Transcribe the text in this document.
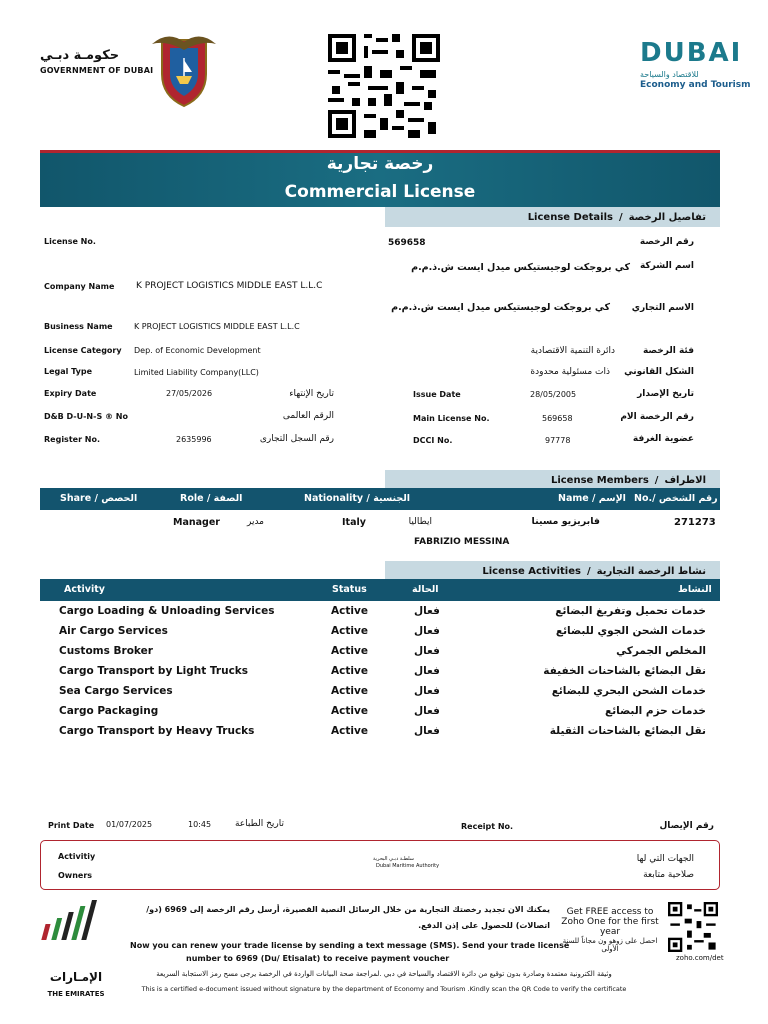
حكومـة دبـي
GOVERNMENT OF DUBAI
DUBAI
للاقتصاد والسياحة
Economy and Tourism
رخصة تجارية
Commercial License
License Details / تفاصيل الرخصة
License No.	569658	رقم الرخصة
كي بروجكت لوجيستيكس ميدل ايست ش.ذ.م.م	اسم الشركة
Company Name K PROJECT LOGISTICS MIDDLE EAST L.L.C
كي بروجكت لوجيستيكس ميدل ايست ش.ذ.م.م	الاسم التجاري
Business Name	K PROJECT LOGISTICS MIDDLE EAST L.L.C
License Category Dep. of Economic Development	دائرة التنمية الاقتصادية	فئة الرخصة
Legal Type	Limited Liability Company(LLC)	ذات مسئولية محدودة	الشكل القانوني
Expiry Date	27/05/2026	تاريخ الإنتهاء	Issue Date	28/05/2005	تاريخ الإصدار
D&B D-U-N-S ® No	الرقم العالمى	Main License No.	569658	رقم الرخصة الام
Register No.	2635996	رقم السجل التجارى	DCCI No.	97778	عضوية الغرفة
License Members / الاطراف
Share / الحصص	Role / الصفة	Nationality / الجنسية	Name / الإسم No./ رقم الشخص
Manager	مدير	Italy	ايطاليا	فابريزيو مسينا	271273
FABRIZIO MESSINA
License Activities / نشاط الرخصة التجارية
Activity	Status	الحالة	النشاط
Cargo Loading & Unloading Services	Active	فعال	خدمات تحميل وتفريغ البضائع
Air Cargo Services	Active	فعال	خدمات الشحن الجوي للبضائع
Customs Broker	Active	فعال	المخلص الجمركي
Cargo Transport by Light Trucks	Active	فعال	نقل البضائع بالشاحنات الخفيفة
Sea Cargo Services	Active	فعال	خدمات الشحن البحري للبضائع
Cargo Packaging	Active	فعال	خدمات حزم البضائع
Cargo Transport by Heavy Trucks	Active	فعال	نقل البضائع بالشاحنات الثقيلة
Print Date 01/07/2025	10:45	تاريخ الطباعة	Receipt No.	رقم الإيصال
Activitiy
Owners
سلطـة دبـي البحرية
Dubai Maritime Authority
الجهات التي لها
صلاحية متابعة
الإمـارات
THE EMIRATES
يمكنك الان تجديد رخصتك التجارية من خلال الرسائل النصية القصيرة، أرسل رقم الرخصة إلى 6969 (دو/
اتصالات) للحصول على إذن الدفع.
Now you can renew your trade license by sending a text message (SMS). Send your trade license
number to 6969 (Du/ Etisalat) to receive payment voucher
Get FREE access to
Zoho One for the first
year
احصل على زوهو ون مجاناً للسنة الأولى
zoho.com/det
وثيقة الكترونية معتمدة وصادرة بدون توقيع من دائرة الاقتصاد والسياحة في دبي .لمراجعة صحة البيانات الواردة في الرخصة يرجى مسح رمز الاستجابة السريعة
This is a certified e-document issued without signature by the department of Economy and Tourism .Kindly scan the QR Code to verify the certificate
